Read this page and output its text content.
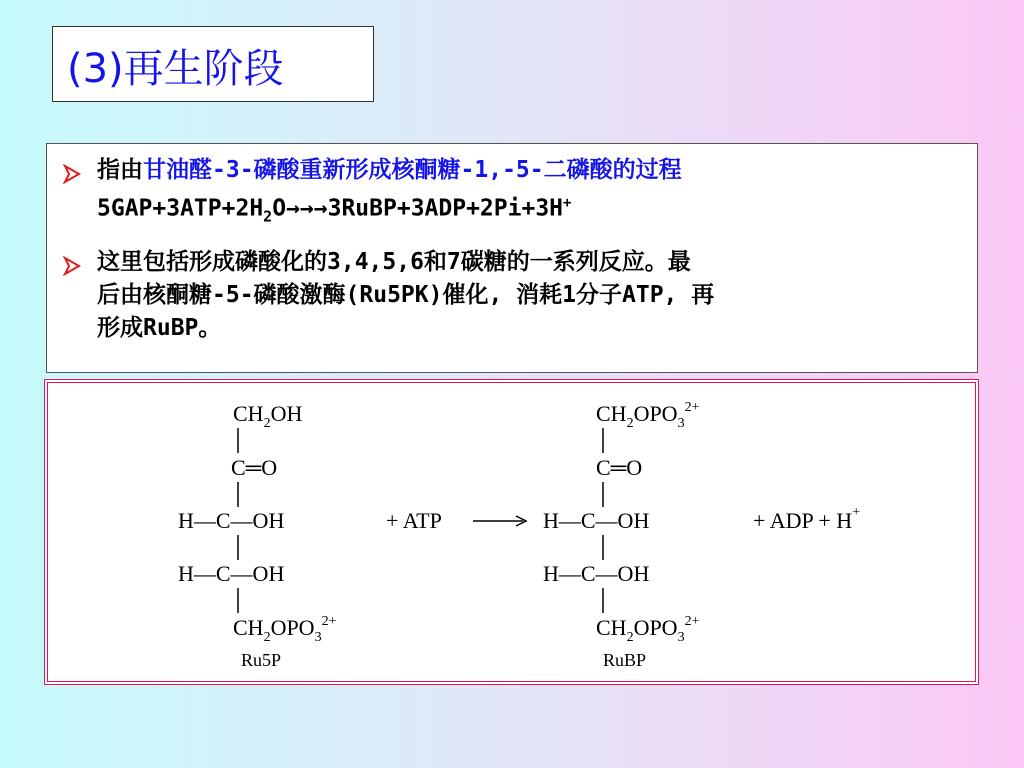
(3)再生阶段
指由甘油醛-3-磷酸重新形成核酮糖-1,-5-二磷酸的过程
$5GAP+3ATP+2H_2O\to\to\to 3RuBP+3ADP+2Pi+3H^+$
这里包括形成磷酸化的3,4,5,6和7碳糖的一系列反应。最
后由核酮糖-5-磷酸激酶(Ru5PK)催化, 消耗1分子ATP, 再
形成RuBP。
$CH_2OH$
C═O
H—C—OH
H—C—OH
$CH_2OPO_3^{2+}$
Ru5P
+ ATP
$CH_2OPO_3^{2+}$
C═O
H—C—OH
H—C—OH
$CH_2OPO_3^{2+}$
RuBP
+ ADP + H+
